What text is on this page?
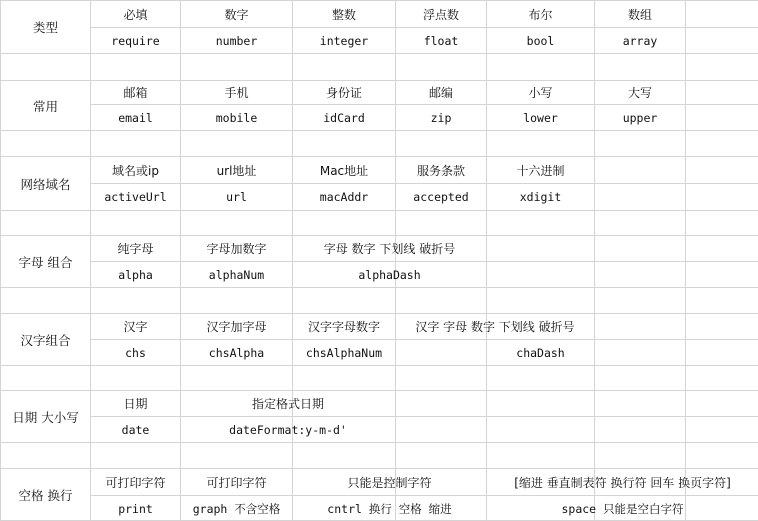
类型
必填	数字	整数	浮点数	布尔	数组
require	number	integer	float	bool	array
常用
邮箱	手机	身份证	邮编	小写	大写
email	mobile	idCard	zip	lower	upper
网络域名
域名或ip	url地址	Mac地址	服务条款	十六进制
activeUrl	url	macAddr	accepted	xdigit
字母 组合
纯字母	字母加数字	字母 数字 下划线 破折号
alpha	alphaNum	alphaDash
汉字组合
汉字	汉字加字母	汉字字母数字	汉字 字母 数字 下划线 破折号
chs	chsAlpha	chsAlphaNum	chaDash
日期 大小写
日期	指定格式日期
date	dateFormat:y-m-d'
空格 换行
可打印字符	可打印字符	只能是控制字符	[缩进 垂直制表符 换行符 回车 换页字符]
print	graph 不含空格	cntrl 换行 空格 缩进	space 只能是空白字符
